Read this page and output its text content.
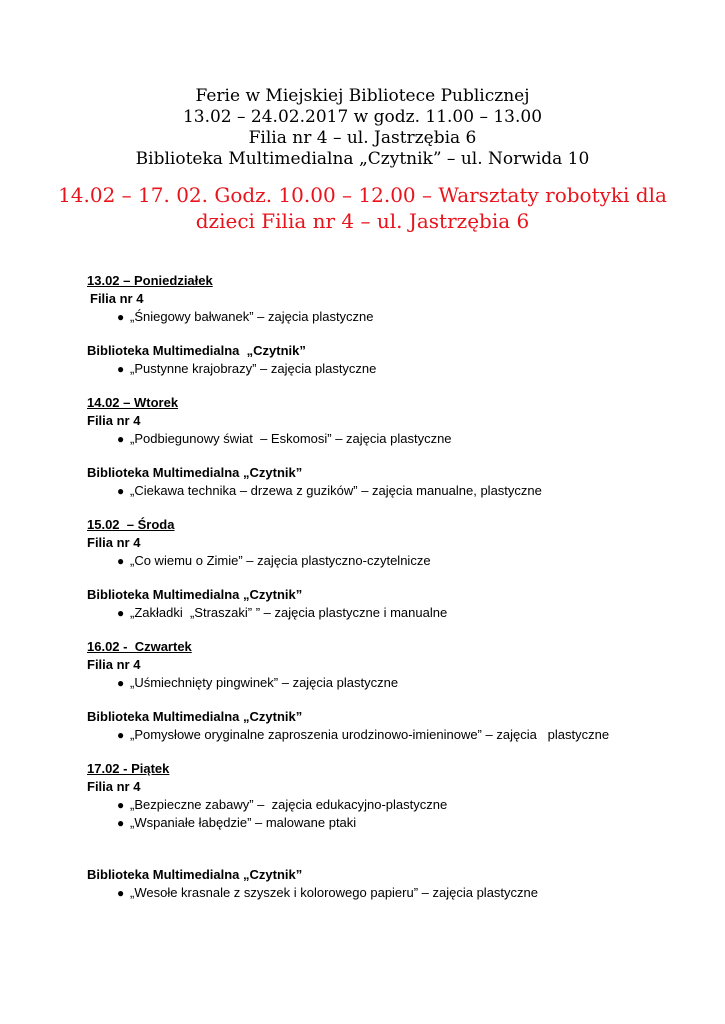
Ferie w Miejskiej Bibliotece Publicznej
13.02 – 24.02.2017 w godz. 11.00 – 13.00
Filia nr 4 – ul. Jastrzębia 6
Biblioteka Multimedialna „Czytnik” – ul. Norwida 10
14.02 – 17. 02. Godz. 10.00 – 12.00 – Warsztaty robotyki dla
dzieci Filia nr 4 – ul. Jastrzębia 6
13.02 – Poniedziałek
Filia nr 4
● „Śniegowy bałwanek” – zajęcia plastyczne
Biblioteka Multimedialna  „Czytnik”
● „Pustynne krajobrazy” – zajęcia plastyczne
14.02 – Wtorek
Filia nr 4
● „Podbiegunowy świat  – Eskomosi” – zajęcia plastyczne
Biblioteka Multimedialna „Czytnik”
● „Ciekawa technika – drzewa z guzików” – zajęcia manualne, plastyczne
15.02  – Środa
Filia nr 4
● „Co wiemu o Zimie” – zajęcia plastyczno-czytelnicze
Biblioteka Multimedialna „Czytnik”
● „Zakładki  „Straszaki” ” – zajęcia plastyczne i manualne
16.02 -  Czwartek
Filia nr 4
● „Uśmiechnięty pingwinek” – zajęcia plastyczne
Biblioteka Multimedialna „Czytnik”
● „Pomysłowe oryginalne zaproszenia urodzinowo-imieninowe” – zajęcia   plastyczne
17.02 - Piątek
Filia nr 4
● „Bezpieczne zabawy” –  zajęcia edukacyjno-plastyczne
● „Wspaniałe łabędzie” – malowane ptaki
Biblioteka Multimedialna „Czytnik”
● „Wesołe krasnale z szyszek i kolorowego papieru” – zajęcia plastyczne
